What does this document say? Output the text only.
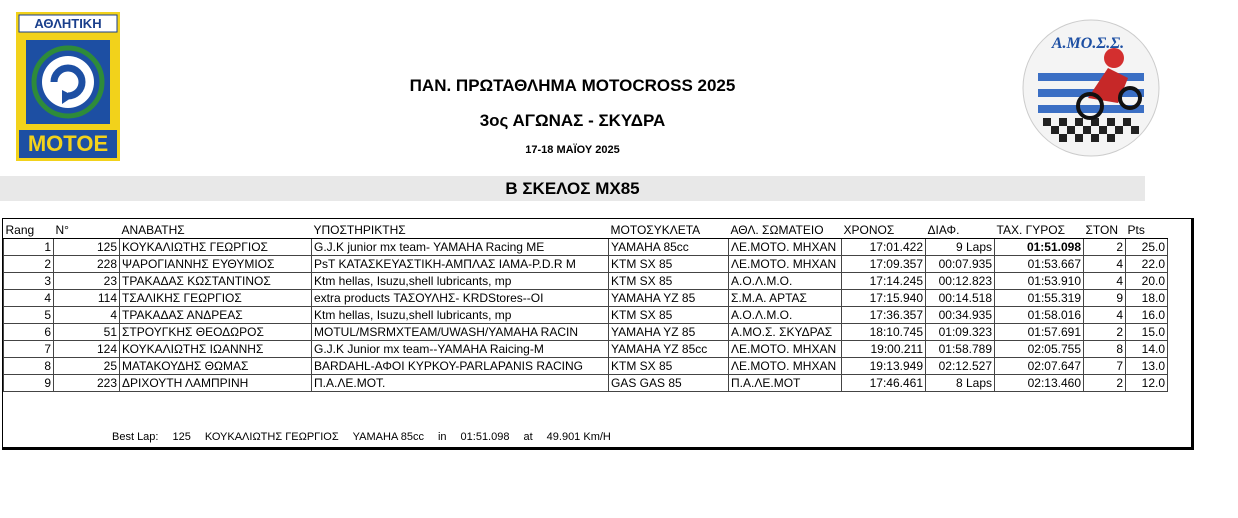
ΑΘΛΗΤΙΚΗ
ΜΟΤΟΕ
Α.ΜΟ.Σ.Σ.
ΠΑΝ. ΠΡΩΤΑΘΛΗΜΑ MOTOCROSS 2025
3ος ΑΓΩΝΑΣ - ΣΚΥΔΡΑ
17-18 ΜΑΪΟΥ 2025
Β ΣΚΕΛΟΣ ΜΧ85
Rang	N°	ΑΝΑΒΑΤΗΣ	ΥΠΟΣΤΗΡΙΚΤΗΣ	ΜΟΤΟΣΥΚΛΕΤΑ	ΑΘΛ. ΣΩΜΑΤΕΙΟ	ΧΡΟΝΟΣ	ΔΙΑΦ.	ΤΑΧ. ΓΥΡΟΣ	ΣΤΟΝ	Pts
1	125	ΚΟΥΚΑΛΙΩΤΗΣ ΓΕΩΡΓΙΟΣ	G.J.K junior mx team- YAMAHA Racing ME	YAMAHA 85cc	ΛΕ.ΜΟΤΟ. ΜΗΧΑΝ	17:01.422	9 Laps	01:51.098	2	25.0
2	228	ΨΑΡΟΓΙΑΝΝΗΣ ΕΥΘΥΜΙΟΣ	PsT ΚΑΤΑΣΚΕΥΑΣΤΙΚΗ-ΑΜΠΛΑΣ ΙΑΜΑ-P.D.R M	KTM SX 85	ΛΕ.ΜΟΤΟ. ΜΗΧΑΝ	17:09.357	00:07.935	01:53.667	4	22.0
3	23	ΤΡΑΚΑΔΑΣ ΚΩΣΤΑΝΤΙΝΟΣ	Ktm hellas, Isuzu,shell lubricants, mp	KTM SX 85	Α.Ο.Λ.Μ.Ο.	17:14.245	00:12.823	01:53.910	4	20.0
4	114	ΤΣΑΛΙΚΗΣ ΓΕΩΡΓΙΟΣ	extra products ΤΑΣΟΥΛΗΣ- KRDStores--OI	YAMAHA YZ 85	Σ.Μ.Α. ΑΡΤΑΣ	17:15.940	00:14.518	01:55.319	9	18.0
5	4	ΤΡΑΚΑΔΑΣ ΑΝΔΡΕΑΣ	Ktm hellas, Isuzu,shell lubricants, mp	KTM SX 85	Α.Ο.Λ.Μ.Ο.	17:36.357	00:34.935	01:58.016	4	16.0
6	51	ΣΤΡΟΥΓΚΗΣ ΘΕΟΔΩΡΟΣ	MOTUL/MSRMXTEAM/UWASH/YAMAHA RACIN	YAMAHA YZ 85	Α.ΜΟ.Σ. ΣΚΥΔΡΑΣ	18:10.745	01:09.323	01:57.691	2	15.0
7	124	ΚΟΥΚΑΛΙΩΤΗΣ ΙΩΑΝΝΗΣ	G.J.K Junior mx team--YAMAHA Raicing-M	YAMAHA YZ 85cc	ΛΕ.ΜΟΤΟ. ΜΗΧΑΝ	19:00.211	01:58.789	02:05.755	8	14.0
8	25	ΜΑΤΑΚΟΥΔΗΣ ΘΩΜΑΣ	BARDAHL-ΑΦΟΙ ΚΥΡΚΟΥ-PARLAPANIS RACING	KTM SX 85	ΛΕ.ΜΟΤΟ. ΜΗΧΑΝ	19:13.949	02:12.527	02:07.647	7	13.0
9	223	ΔΡΙΧΟΥΤΗ ΛΑΜΠΡΙΝΗ	Π.Α.ΛΕ.ΜΟΤ.	GAS GAS 85	Π.Α.ΛΕ.ΜΟΤ	17:46.461	8 Laps	02:13.460	2	12.0
Best Lap: 125 ΚΟΥΚΑΛΙΩΤΗΣ ΓΕΩΡΓΙΟΣ YAMAHA 85cc in 01:51.098 at 49.901 Km/H
